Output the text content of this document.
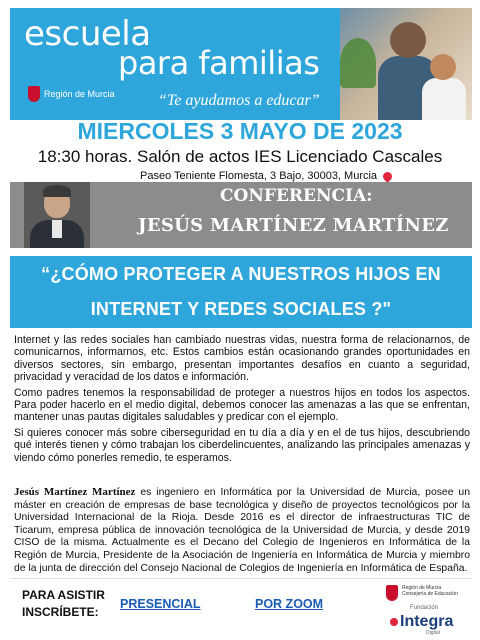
escuela
para familias
Región de Murcia	“Te ayudamos a educar”
MIERCOLES 3 MAYO DE 2023
18:30 horas. Salón de actos IES Licenciado Cascales
Paseo Teniente Flomesta, 3 Bajo, 30003, Murcia
CONFERENCIA:
JESÚS MARTÍNEZ MARTÍNEZ
“¿CÓMO PROTEGER A NUESTROS HIJOS EN
INTERNET Y REDES SOCIALES ?"

Internet y las redes sociales han cambiado nuestras vidas, nuestra forma de relacionarnos, de comunicarnos, informarnos, etc. Estos cambios están ocasionando grandes oportunidades en diversos sectores, sin embargo, presentan importantes desafíos en cuanto a seguridad, privacidad y veracidad de los datos e información.

Como padres tenemos la responsabilidad de proteger a nuestros hijos en todos los aspectos. Para poder hacerlo en el medio digital, debemos conocer las amenazas a las que se enfrentan, mantener unas pautas digitales saludables y predicar con el ejemplo.

Si quieres conocer más sobre ciberseguridad en tu día a día y en el de tus hijos, descubriendo qué interés tienen y cómo trabajan los ciberdelincuentes, analizando las principales amenazas y viendo cómo ponerles remedio, te esperamos.

Jesús Martínez Martínez es ingeniero en Informática por la Universidad de Murcia, posee un máster en creación de empresas de base tecnológica y diseño de proyectos tecnológicos por la Universidad Internacional de la Rioja. Desde 2016 es el director de infraestructuras TIC de Ticarum, empresa pública de innovación tecnológica de la Universidad de Murcia, y desde 2019 CISO de la misma. Actualmente es el Decano del Colegio de Ingenieros en Informática de la Región de Murcia, Presidente de la Asociación de Ingeniería en Informática de Murcia y miembro de la junta de dirección del Consejo Nacional de Colegios de Ingeniería en Informática de España.
PARA ASISTIR
INSCRÍBETE:
PRESENCIAL	POR ZOOM
Región de Murcia
Consejería de Educación
Fundación
Integra
Digital
